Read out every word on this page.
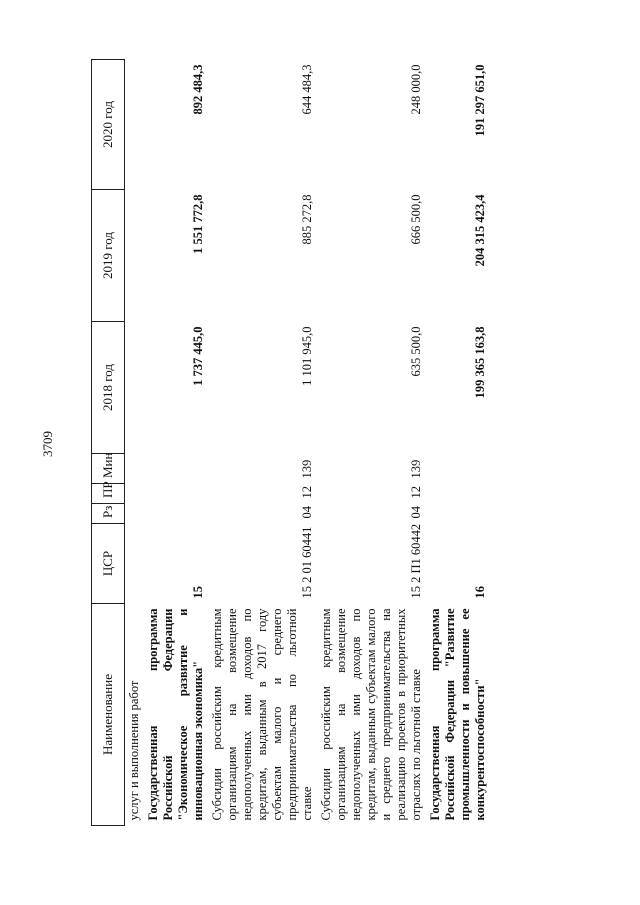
3709
Наименование	ЦСР	Рз	ПР	Мин	2018 год	2019 год	2020 год
услуг и выполнения работ							
Государственная программа Российской Федерации "Экономическое развитие и инновационная экономика"	15				1 737 445,0	1 551 772,8	892 484,3
Субсидии российским кредитным организациям на возмещение недополученных ими доходов по кредитам, выданным в 2017 году субъектам малого и среднего предпринимательства по льготной ставке	15 2 01 60441	04	12	139	1 101 945,0	885 272,8	644 484,3
Субсидии российским кредитным организациям на возмещение недополученных ими доходов по кредитам, выданным субъектам малого и среднего предпринимательства на реализацию проектов в приоритетных отраслях по льготной ставке	15 2 П1 60442	04	12	139	635 500,0	666 500,0	248 000,0
Государственная программа Российской Федерации "Развитие промышленности и повышение ее конкурентоспособности"	16				199 365 163,8	204 315 423,4	191 297 651,0
